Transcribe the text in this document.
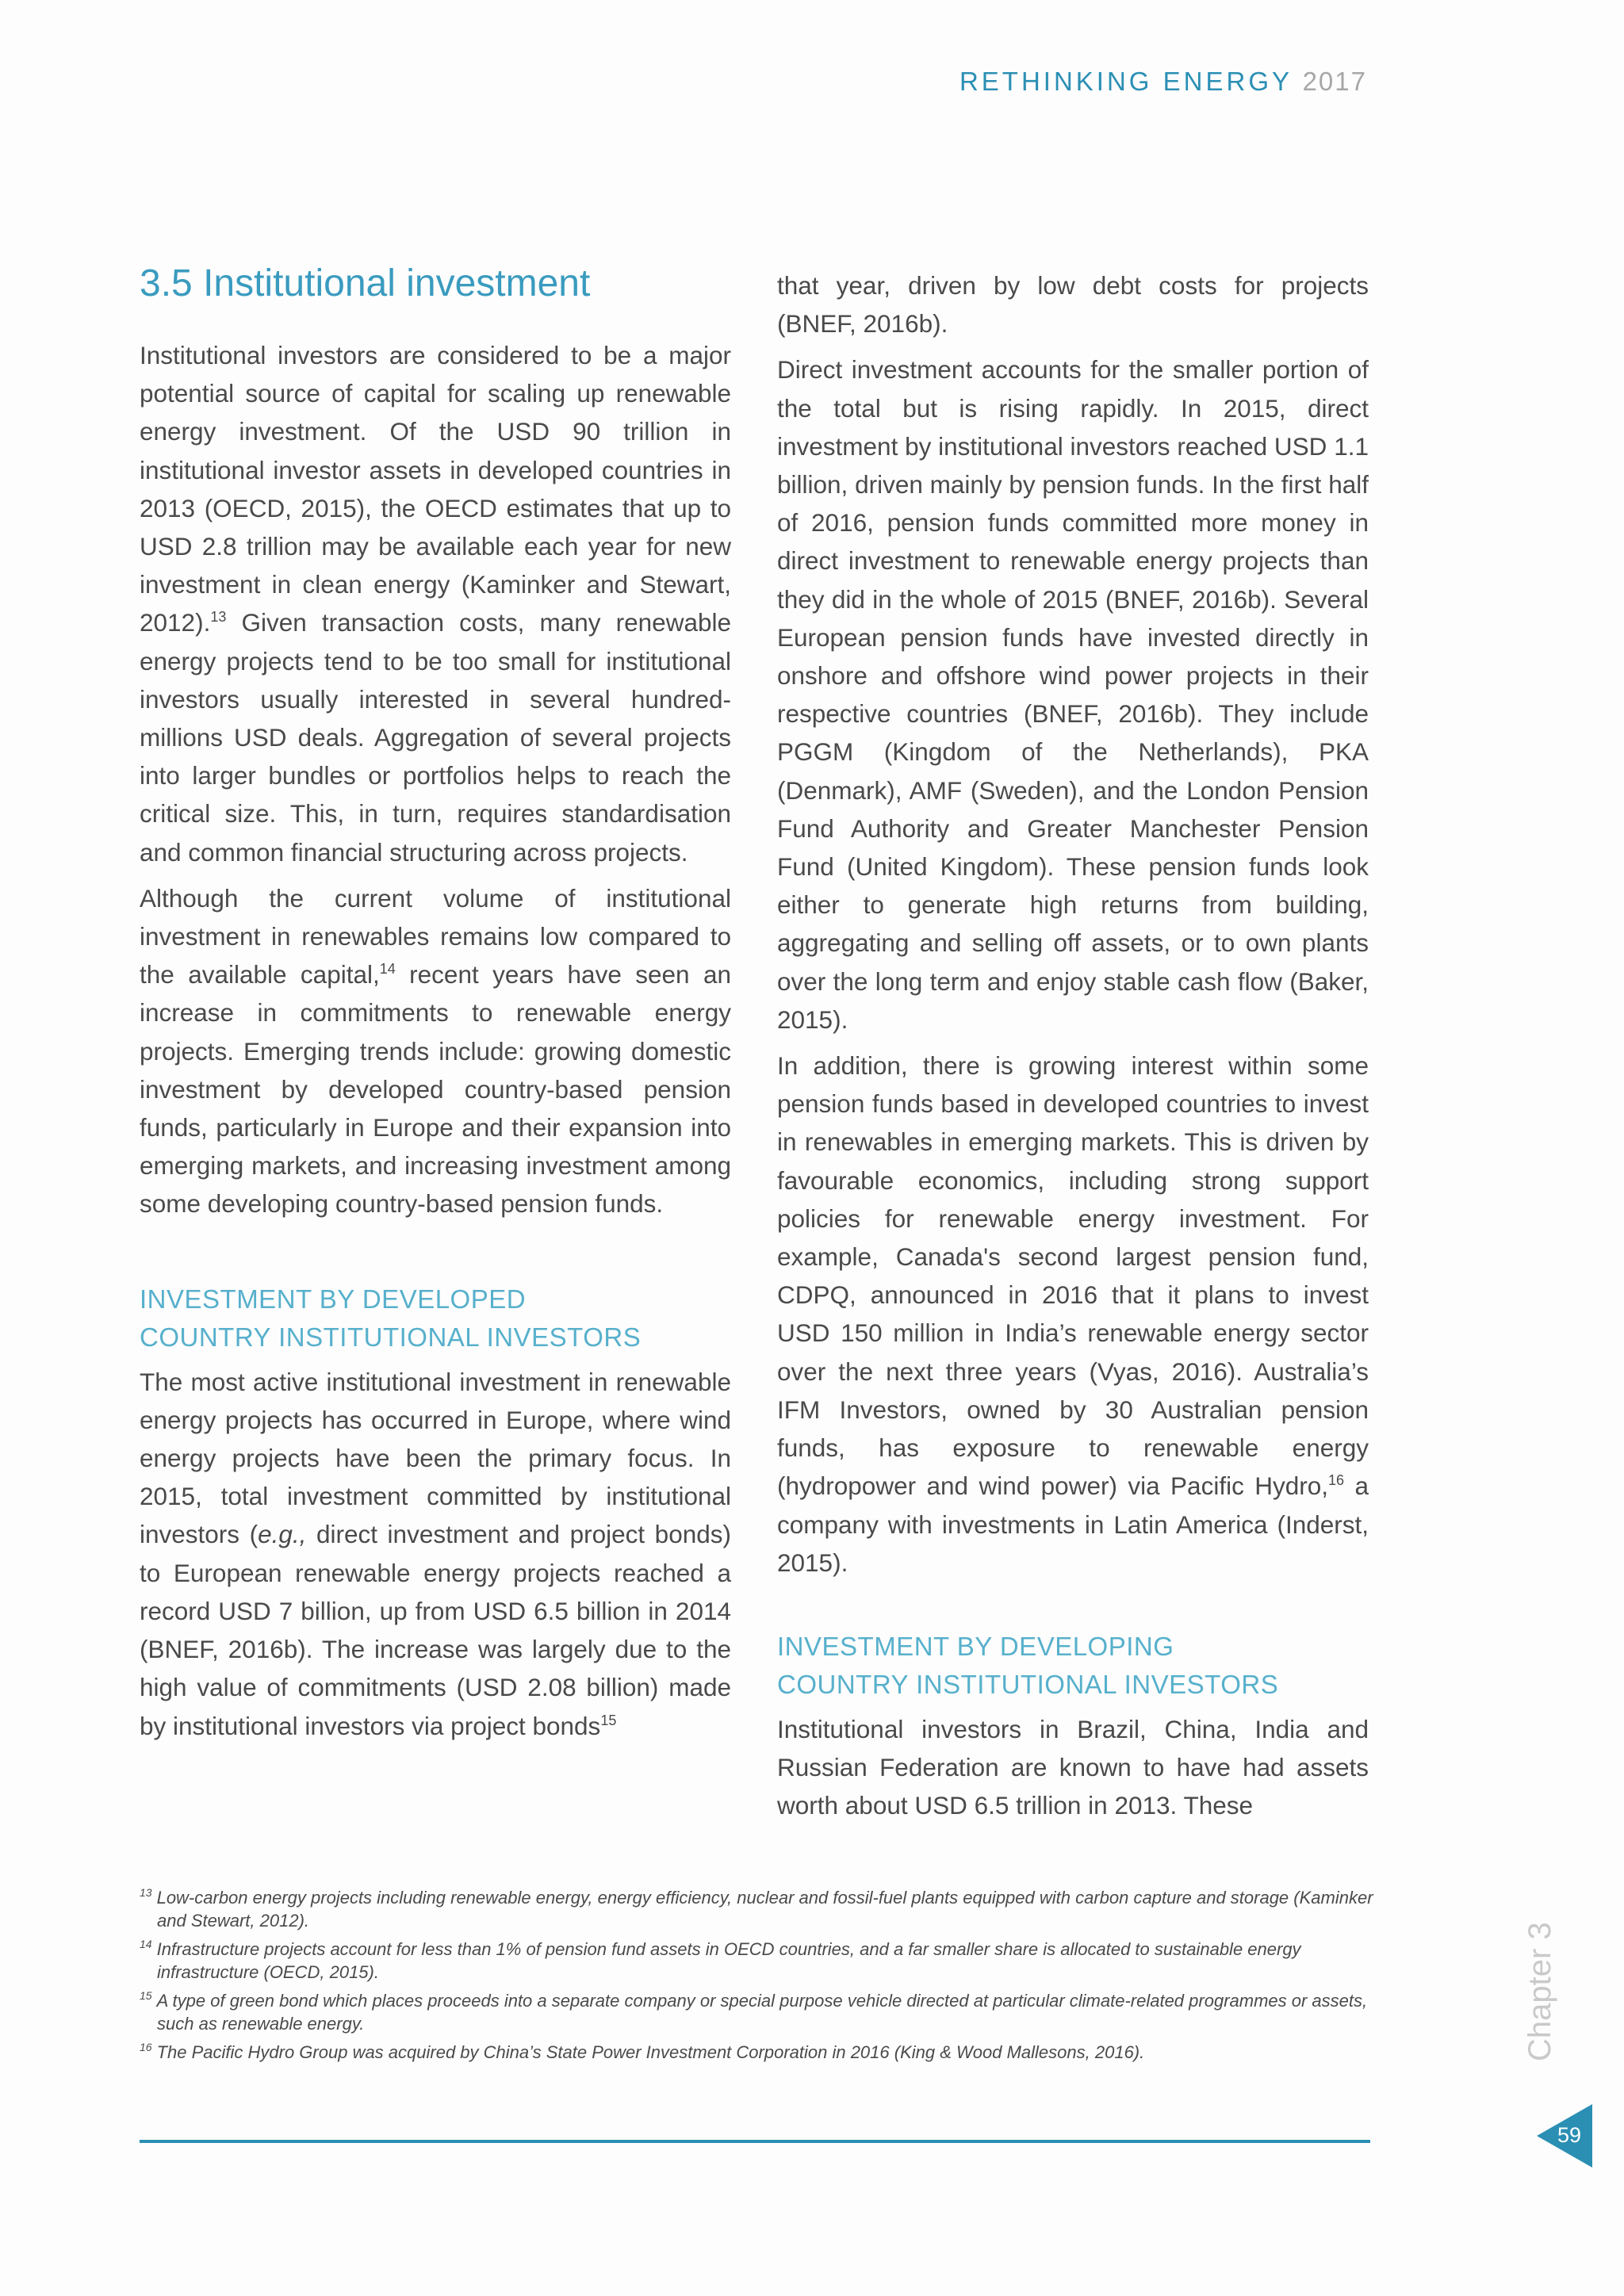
RETHINKING ENERGY 2017
3.5 Institutional investment

Institutional investors are considered to be a major potential source of capital for scaling up renewable energy investment. Of the USD 90 trillion in institutional investor assets in developed countries in 2013 (OECD, 2015), the OECD estimates that up to USD 2.8 trillion may be available each year for new investment in clean energy (Kaminker and Stewart, 2012).$^{13}$ Given transaction costs, many renewable energy projects tend to be too small for institutional investors usually interested in several hundred-millions USD deals. Aggregation of several projects into larger bundles or portfolios helps to reach the critical size. This, in turn, requires standardisation and common financial structuring across projects.

Although the current volume of institutional investment in renewables remains low compared to the available capital,$^{14}$ recent years have seen an increase in commitments to renewable energy projects. Emerging trends include: growing domestic investment by developed country-based pension funds, particularly in Europe and their expansion into emerging markets, and increasing investment among some developing country-based pension funds.

INVESTMENT BY DEVELOPED
COUNTRY INSTITUTIONAL INVESTORS

The most active institutional investment in renewable energy projects has occurred in Europe, where wind energy projects have been the primary focus. In 2015, total investment committed by institutional investors (e.g., direct investment and project bonds) to European renewable energy projects reached a record USD 7 billion, up from USD 6.5 billion in 2014 (BNEF, 2016b). The increase was largely due to the high value of commitments (USD 2.08 billion) made by institutional investors via project bonds$^{15}$

that year, driven by low debt costs for projects (BNEF, 2016b).

Direct investment accounts for the smaller portion of the total but is rising rapidly. In 2015, direct investment by institutional investors reached USD 1.1 billion, driven mainly by pension funds. In the first half of 2016, pension funds committed more money in direct investment to renewable energy projects than they did in the whole of 2015 (BNEF, 2016b). Several European pension funds have invested directly in onshore and offshore wind power projects in their respective countries (BNEF, 2016b). They include PGGM (Kingdom of the Netherlands), PKA (Denmark), AMF (Sweden), and the London Pension Fund Authority and Greater Manchester Pension Fund (United Kingdom). These pension funds look either to generate high returns from building, aggregating and selling off assets, or to own plants over the long term and enjoy stable cash flow (Baker, 2015).

In addition, there is growing interest within some pension funds based in developed countries to invest in renewables in emerging markets. This is driven by favourable economics, including strong support policies for renewable energy investment. For example, Canada's second largest pension fund, CDPQ, announced in 2016 that it plans to invest USD 150 million in India’s renewable energy sector over the next three years (Vyas, 2016). Australia’s IFM Investors, owned by 30 Australian pension funds, has exposure to renewable energy (hydropower and wind power) via Pacific Hydro,$^{16}$ a company with investments in Latin America (Inderst, 2015).

INVESTMENT BY DEVELOPING
COUNTRY INSTITUTIONAL INVESTORS

Institutional investors in Brazil, China, India and Russian Federation are known to have had assets worth about USD 6.5 trillion in 2013. These

$^{13}$ Low-carbon energy projects including renewable energy, energy efficiency, nuclear and fossil-fuel plants equipped with carbon capture and storage (Kaminker and Stewart, 2012).

$^{14}$ Infrastructure projects account for less than 1% of pension fund assets in OECD countries, and a far smaller share is allocated to sustainable energy infrastructure (OECD, 2015).

$^{15}$ A type of green bond which places proceeds into a separate company or special purpose vehicle directed at particular climate-related programmes or assets, such as renewable energy.

$^{16}$ The Pacific Hydro Group was acquired by China’s State Power Investment Corporation in 2016 (King & Wood Mallesons, 2016).	Chapter 3
59
